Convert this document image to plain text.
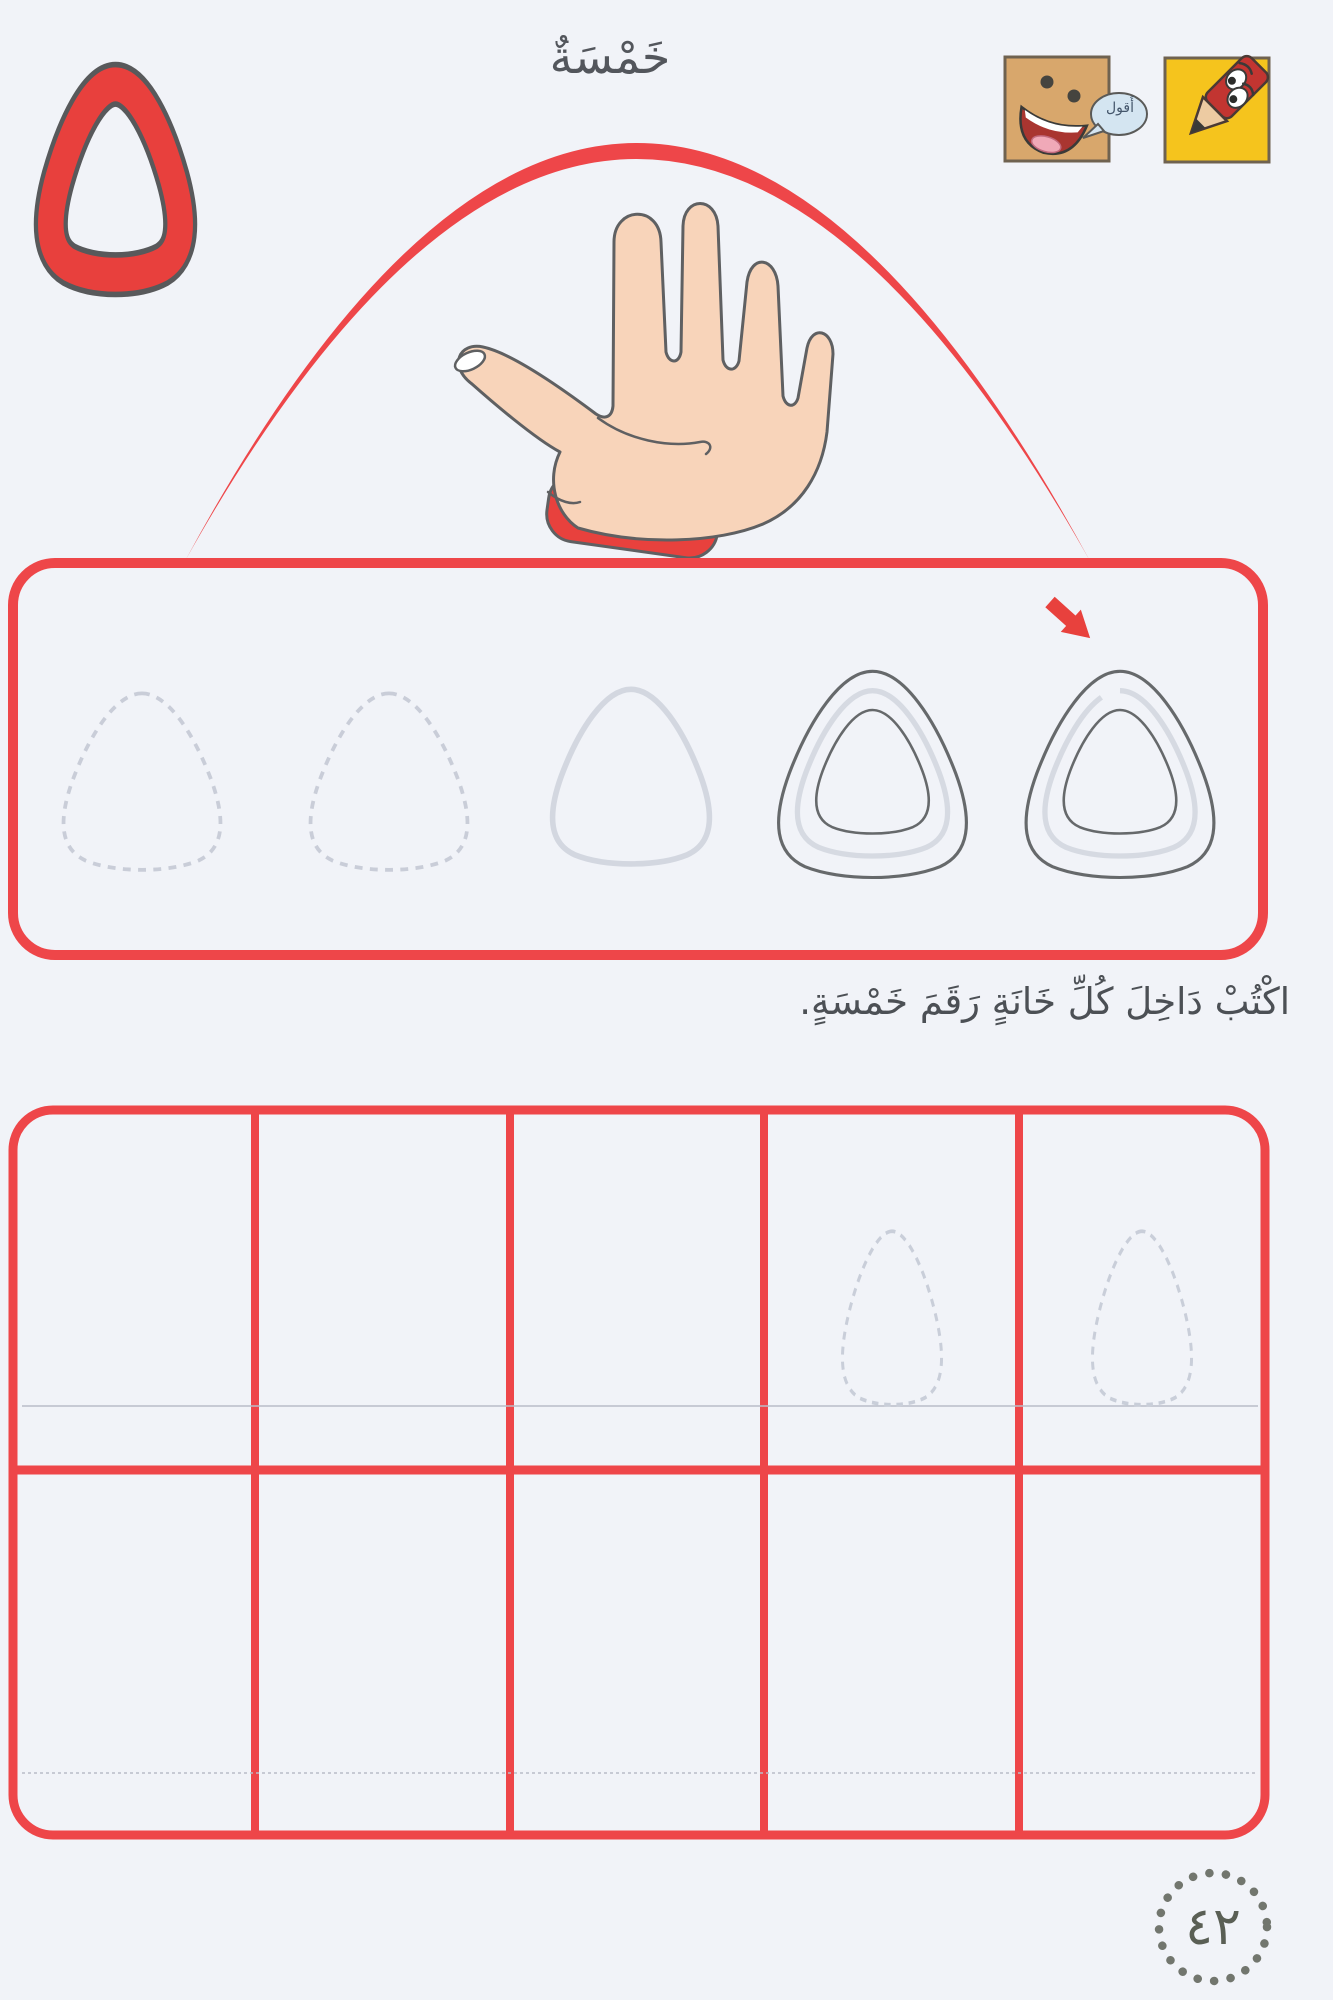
خَمْسَةٌ
أَقول
اكْتُبْ دَاخِلَ كُلِّ خَانَةٍ رَقَمَ خَمْسَةٍ.
٤٢
